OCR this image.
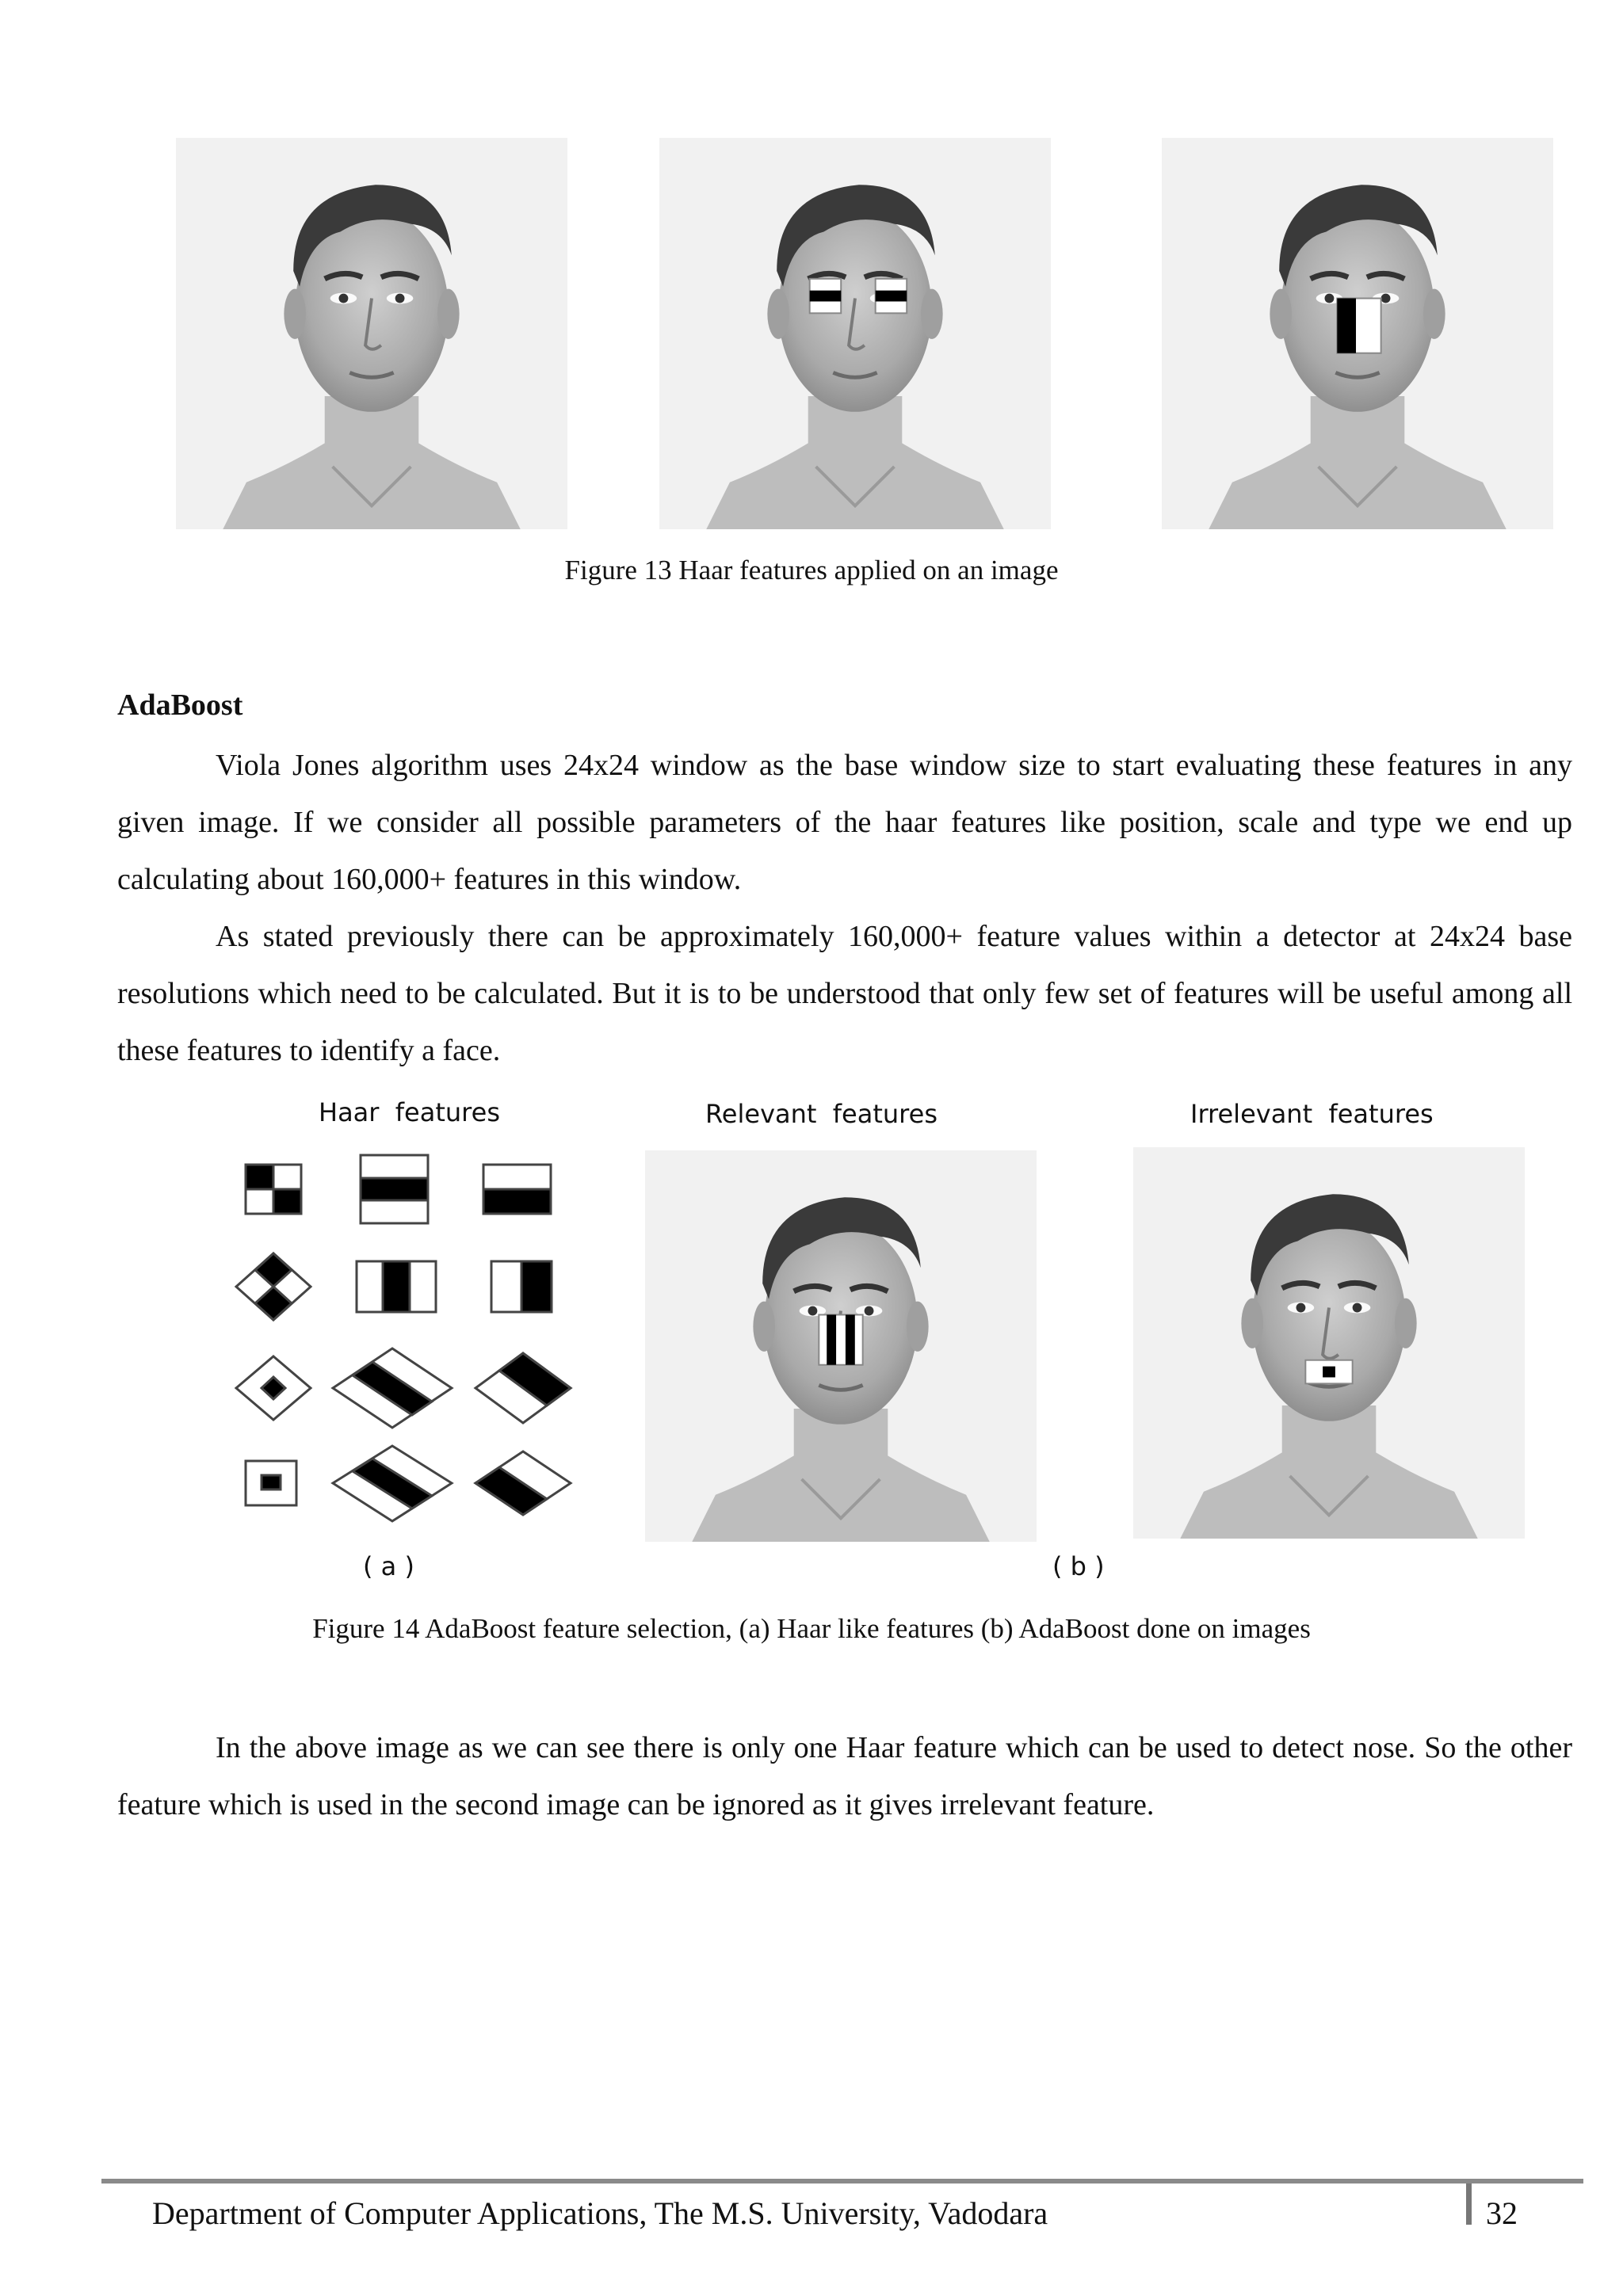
Figure 13 Haar features applied on an image
AdaBoost

Viola Jones algorithm uses 24x24 window as the base window size to start evaluating these features in any given image. If we consider all possible parameters of the haar features like position, scale and type we end up calculating about 160,000+ features in this window.

As stated previously there can be approximately 160,000+ feature values within a detector at 24x24 base resolutions which need to be calculated. But it is to be understood that only few set of features will be useful among all these features to identify a face.

Haar  features	Relevant  features	Irrelevant  features
( a )	( b )
Figure 14 AdaBoost feature selection, (a) Haar like features (b) AdaBoost done on images

In the above image as we can see there is only one Haar feature which can be used to detect nose. So the other feature which is used in the second image can be ignored as it gives irrelevant feature.

Department of Computer Applications, The M.S. University, Vadodara	32
